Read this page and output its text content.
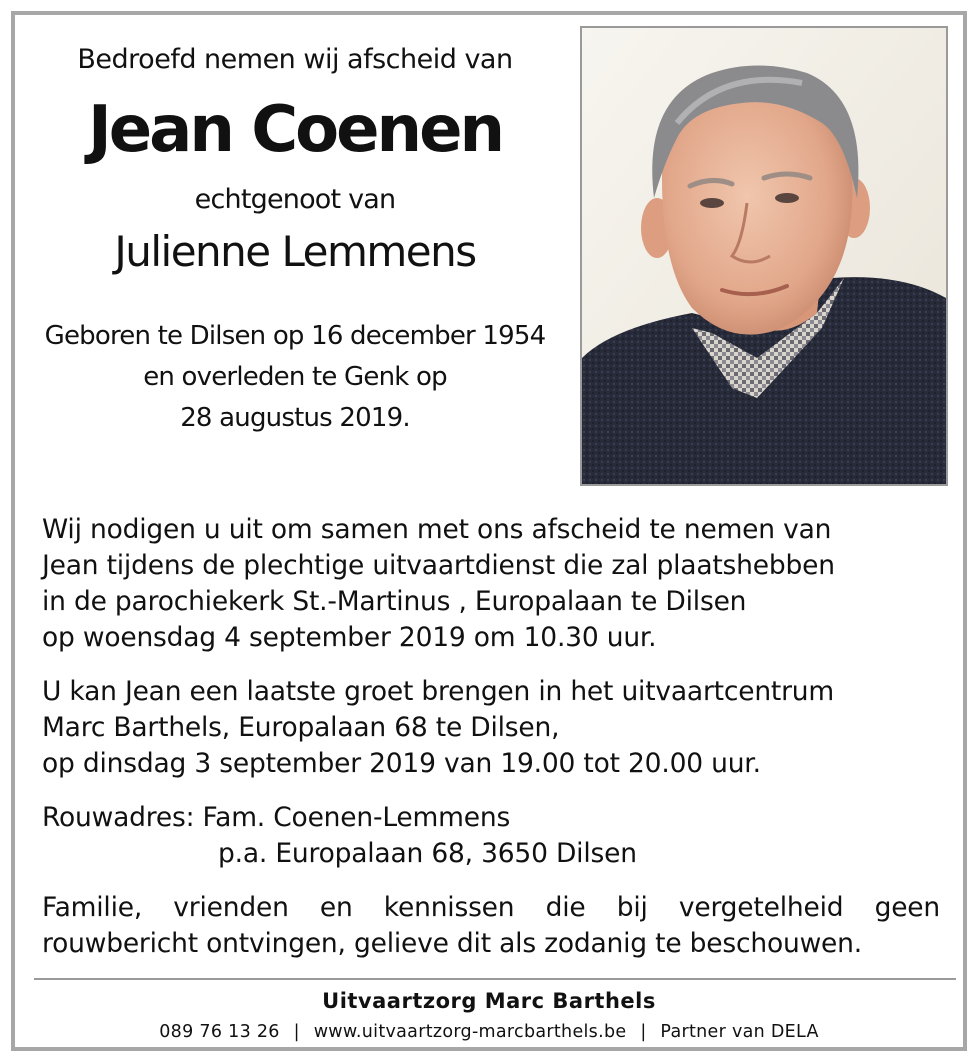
Bedroefd nemen wij afscheid van
Jean Coenen
echtgenoot van
Julienne Lemmens
Geboren te Dilsen op 16 december 1954
en overleden te Genk op
28 augustus 2019.
Wij nodigen u uit om samen met ons afscheid te nemen van
Jean tijdens de plechtige uitvaartdienst die zal plaatshebben
in de parochiekerk St.-Martinus , Europalaan te Dilsen
op woensdag 4 september 2019 om 10.30 uur.
U kan Jean een laatste groet brengen in het uitvaartcentrum
Marc Barthels, Europalaan 68 te Dilsen,
op dinsdag 3 september 2019 van 19.00 tot 20.00 uur.
Rouwadres: Fam. Coenen-Lemmens
p.a. Europalaan 68, 3650 Dilsen
Familie, vrienden en kennissen die bij vergetelheid geen
rouwbericht ontvingen, gelieve dit als zodanig te beschouwen.
Uitvaartzorg Marc Barthels
089 76 13 26 | www.uitvaartzorg-marcbarthels.be | Partner van DELA
